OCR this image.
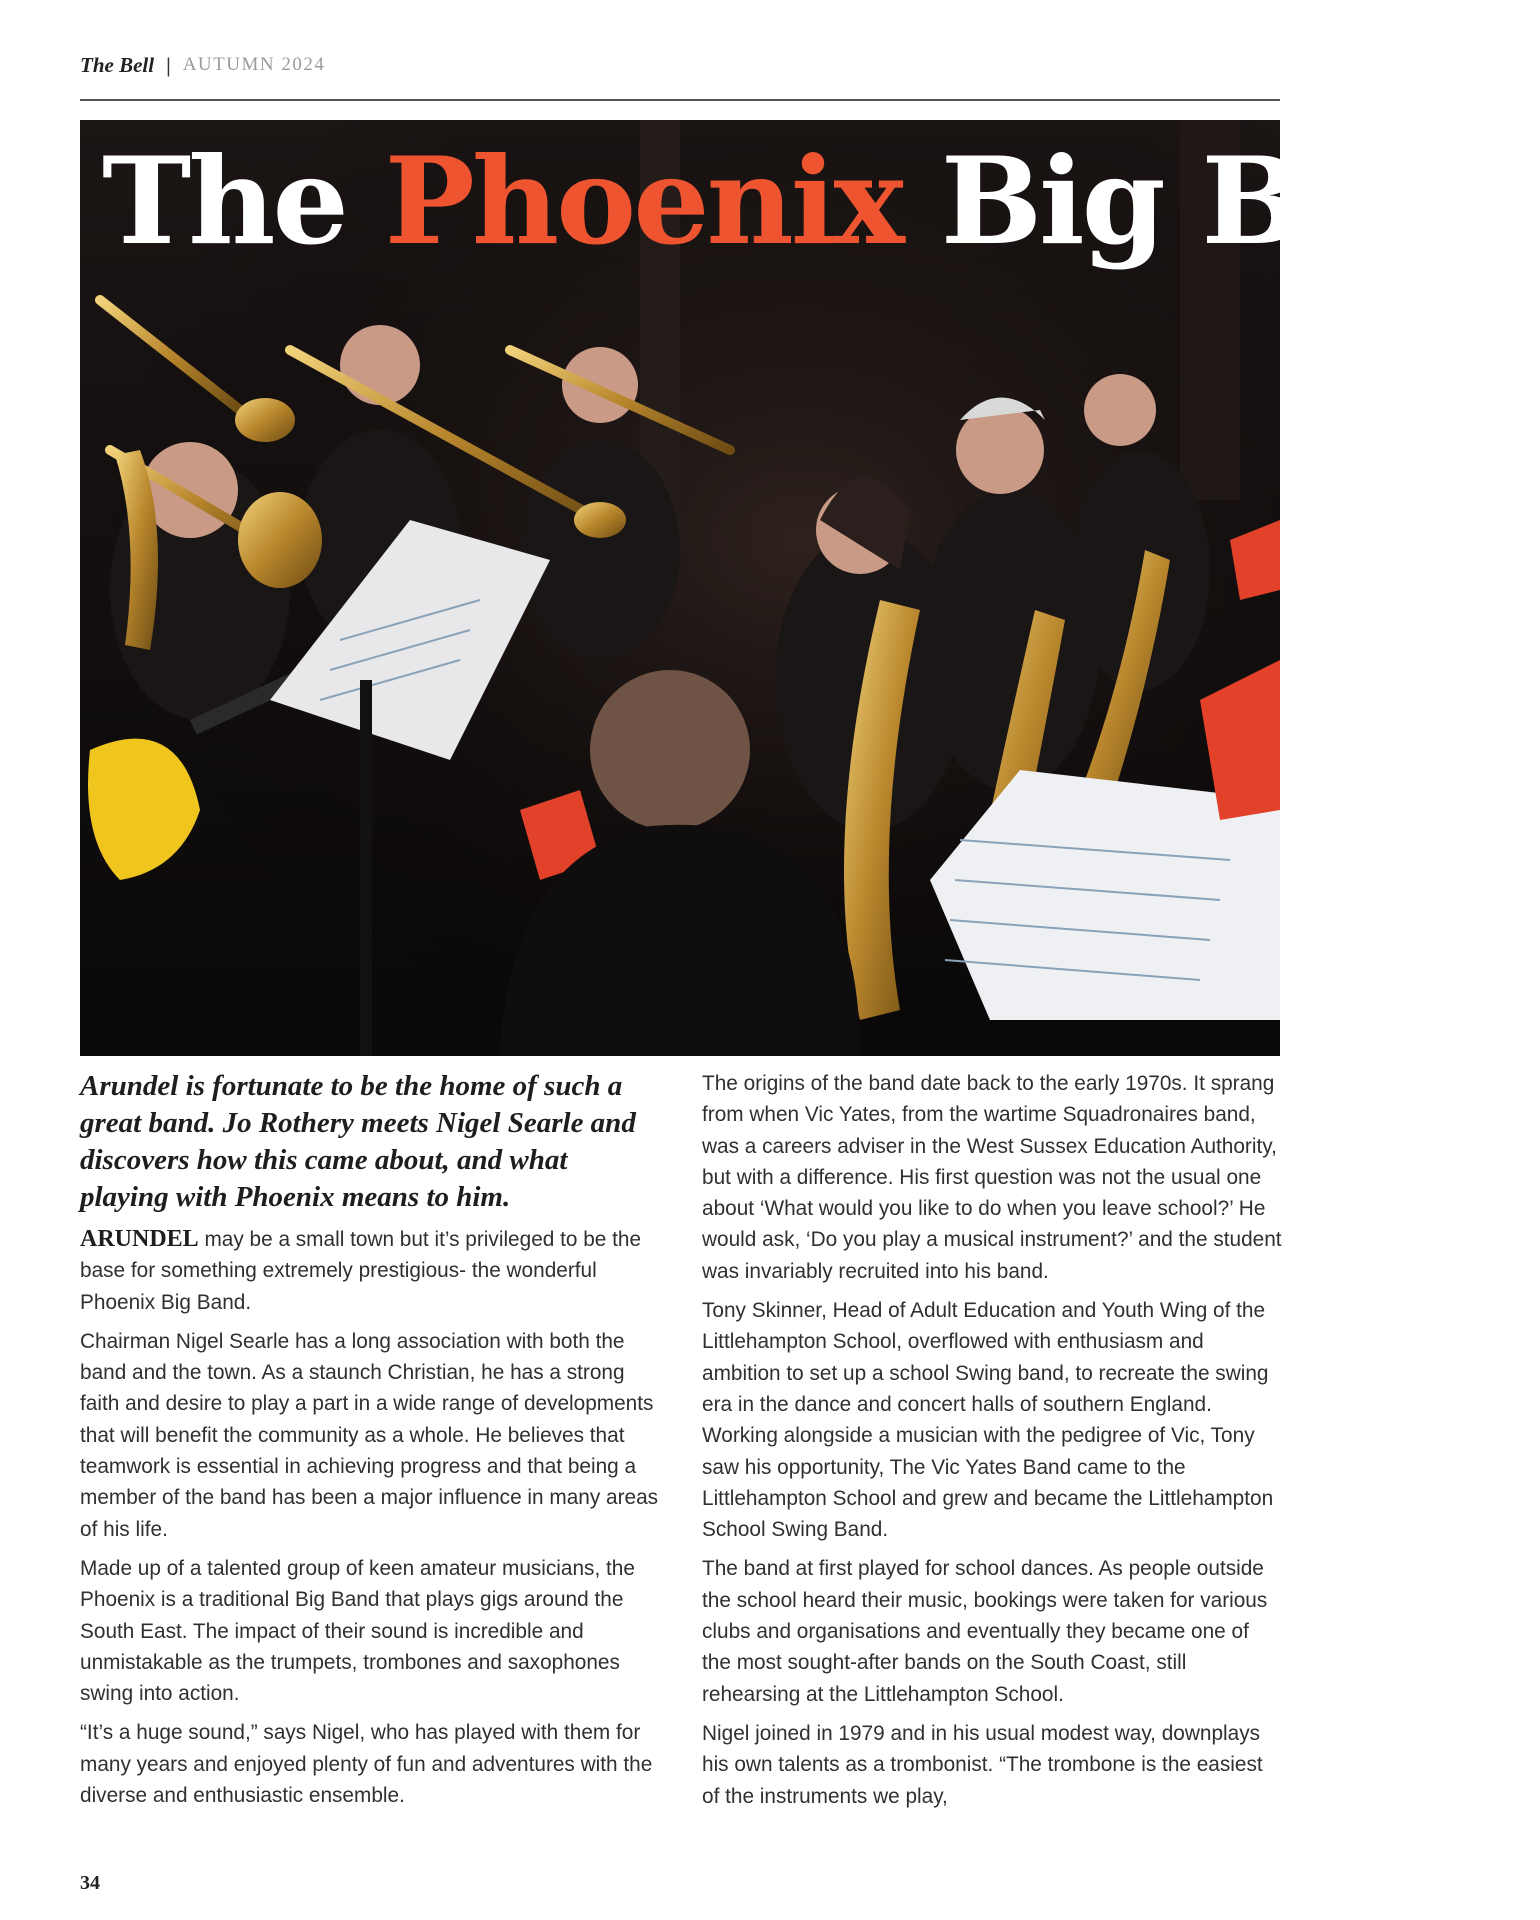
The Bell | AUTUMN 2024
The Phoenix Big Band

Arundel is fortunate to be the home of such a great band. Jo Rothery meets Nigel Searle and discovers how this came about, and what playing with Phoenix means to him.

ARUNDEL may be a small town but it’s privileged to be the base for something extremely prestigious- the wonderful Phoenix Big Band.

Chairman Nigel Searle has a long association with both the band and the town. As a staunch Christian, he has a strong faith and desire to play a part in a wide range of developments that will benefit the community as a whole. He believes that teamwork is essential in achieving progress and that being a member of the band has been a major influence in many areas of his life.

Made up of a talented group of keen amateur musicians, the Phoenix is a traditional Big Band that plays gigs around the South East. The impact of their sound is incredible and unmistakable as the trumpets, trombones and saxophones swing into action.

“It’s a huge sound,” says Nigel, who has played with them for many years and enjoyed plenty of fun and adventures with the diverse and enthusiastic ensemble.

The origins of the band date back to the early 1970s. It sprang from when Vic Yates, from the wartime Squadronaires band, was a careers adviser in the West Sussex Education Authority, but with a difference. His first question was not the usual one about ‘What would you like to do when you leave school?’ He would ask, ‘Do you play a musical instrument?’ and the student was invariably recruited into his band.

Tony Skinner, Head of Adult Education and Youth Wing of the Littlehampton School, overflowed with enthusiasm and ambition to set up a school Swing band, to recreate the swing era in the dance and concert halls of southern England. Working alongside a musician with the pedigree of Vic, Tony saw his opportunity, The Vic Yates Band came to the Littlehampton School and grew and became the Littlehampton School Swing Band.

The band at first played for school dances. As people outside the school heard their music, bookings were taken for various clubs and organisations and eventually they became one of the most sought-after bands on the South Coast, still rehearsing at the Littlehampton School.

Nigel joined in 1979 and in his usual modest way, downplays his own talents as a trombonist. “The trombone is the easiest of the instruments we play,

34
